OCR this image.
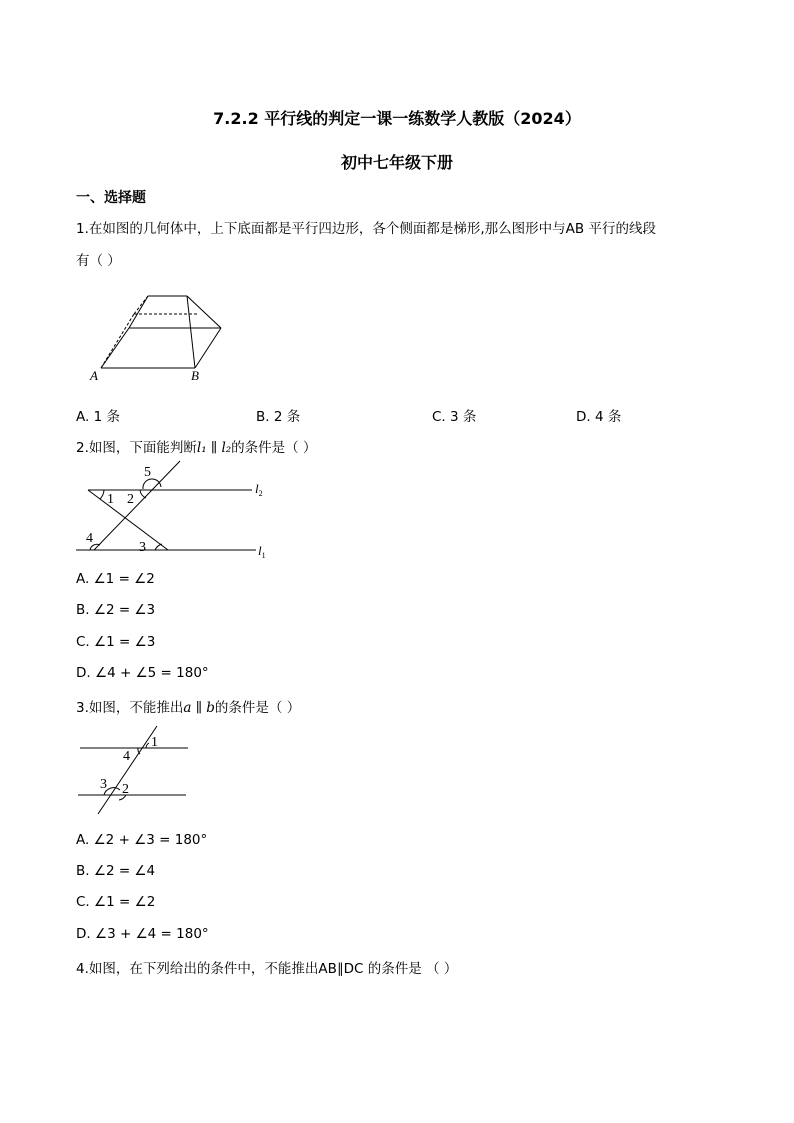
7.2.2 平行线的判定一课一练数学人教版（2024）
初中七年级下册
一、选择题
1.在如图的几何体中，上下底面都是平行四边形，各个侧面都是梯形,那么图形中与AB 平行的线段
有（ ）
A	B
A. 1 条	B. 2 条	C. 3 条	D. 4 条
2.如图，下面能判断l₁ ∥ l₂的条件是（ ）
1 2
3
4
5
$l_2$
$l_1$
A. ∠1 = ∠2
B. ∠2 = ∠3
C. ∠1 = ∠3
D. ∠4 + ∠5 = 180°
3.如图，不能推出a ∥ b的条件是（ ）
1
4
3 2
A. ∠2 + ∠3 = 180°
B. ∠2 = ∠4
C. ∠1 = ∠2
D. ∠3 + ∠4 = 180°
4.如图，在下列给出的条件中，不能推出AB∥DC 的条件是 （ ）
